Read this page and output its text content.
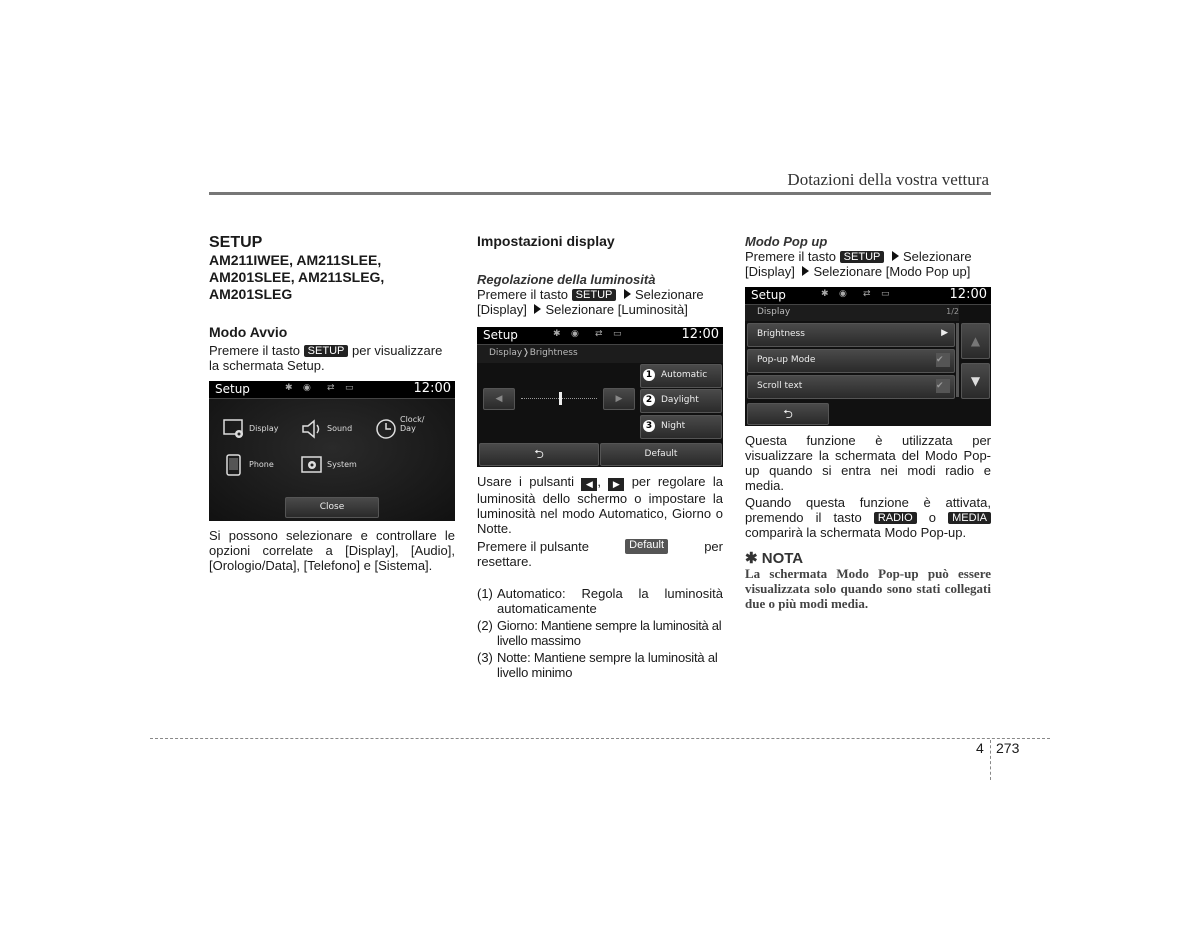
Dotazioni della vostra vettura
SETUP
AM211IWEE, AM211SLEE,
AM201SLEE, AM211SLEG,
AM201SLEG
Modo Avvio

Premere il tasto SETUP per visualizzare
la schermata Setup.

Setup	✱ ◉ ⇄ ▭	12:00
Display	Sound
Clock/ Day
Phone	System
Close
Si possono selezionare e controllare le opzioni correlate a [Display], [Audio], [Orologio/Data], [Telefono] e [Sistema].
Impostazioni display
Regolazione della luminosità

Premere il tasto SETUP Selezionare
[Display] Selezionare [Luminosità]

Setup	✱ ◉ ⇄ ▭	12:00
Display❭Brightness
◀	▶
1 Automatic
2 Daylight
3 Night
⮌	Default

Usare i pulsanti ◀ , ▶ per regolare la luminosità dello schermo o impostare la luminosità nel modo Automatico, Giorno o Notte.

Premere il pulsante	Default	per

resettare.

(1) Automatico: Regola la luminosità automaticamente
(2) Giorno: Mantiene sempre la luminosità al livello massimo
(3) Notte: Mantiene sempre la luminosità al livello minimo
Modo Pop up

Premere il tasto SETUP Selezionare
[Display] Selezionare [Modo Pop up]

Setup	✱ ◉ ⇄ ▭	12:00
Display	1/2
Brightness	▶
Pop-up Mode	✔
Scroll text	✔
▲
▼
⮌

Questa funzione è utilizzata per visualizzare la schermata del Modo Pop-up quando si entra nei modi radio e media.

Quando questa funzione è attivata, premendo il tasto RADIO o MEDIA comparirà la schermata Modo Pop-up.

✱ NOTA
La schermata Modo Pop-up può essere visualizzata solo quando sono stati collegati due o più modi media.
4 273
